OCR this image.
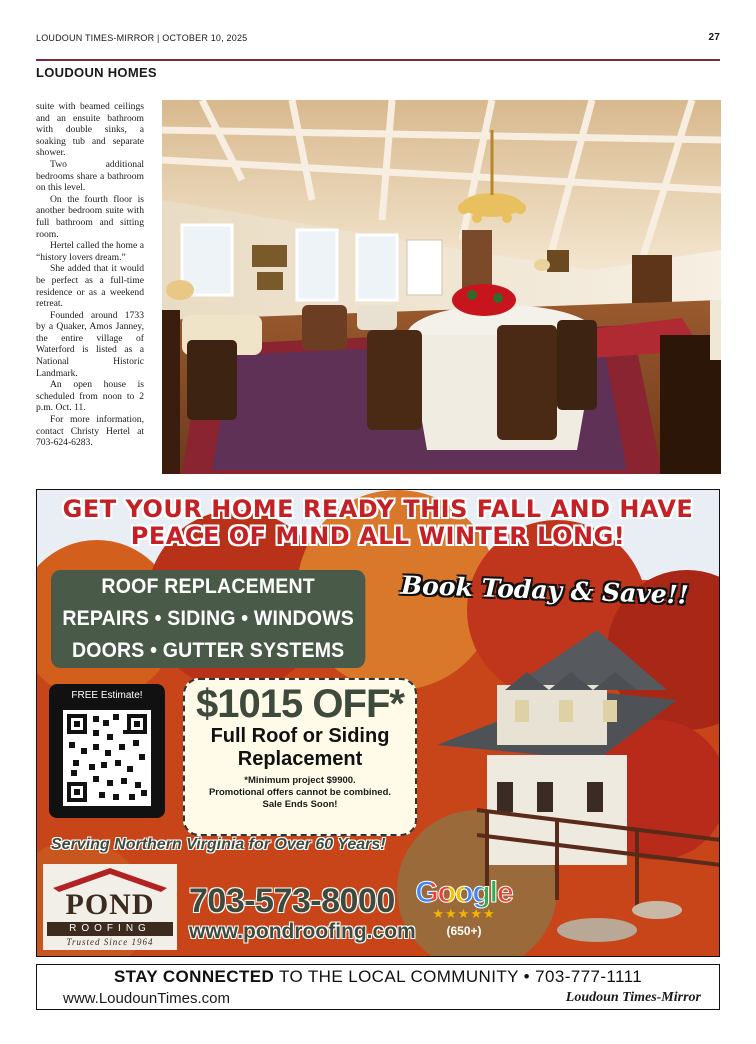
LOUDOUN TIMES-MIRROR | OCTOBER 10, 2025	27
LOUDOUN HOMES

suite with beamed ceilings and an ensuite bathroom with double sinks, a soaking tub and separate shower.

Two additional bedrooms share a bathroom on this level.

On the fourth floor is another bedroom suite with full bathroom and sitting room.

Hertel called the home a “history lovers dream.”

She added that it would be perfect as a full-time residence or as a weekend retreat.

Founded around 1733 by a Quaker, Amos Janney, the entire village of Waterford is listed as a National Historic Landmark.

An open house is scheduled from noon to 2 p.m. Oct. 11.

For more information, contact Christy Hertel at 703-624-6283.

GET YOUR HOME READY THIS FALL AND HAVE
PEACE OF MIND ALL WINTER LONG!
ROOF REPLACEMENT
REPAIRS • SIDING • WINDOWS
DOORS • GUTTER SYSTEMS
Book Today & Save!!
FREE Estimate!	$1015 OFF*
Full Roof or Siding Replacement
*Minimum project $9900.
Promotional offers cannot be combined.
Sale Ends Soon!
Serving Northern Virginia for Over 60 Years!
POND
ROOFING
Trusted Since 1964
703-573-8000
www.pondroofing.com
Google
★★★★★
(650+)
STAY CONNECTED TO THE LOCAL COMMUNITY • 703-777-1111
www.LoudounTimes.com	Loudoun Times-Mirror
